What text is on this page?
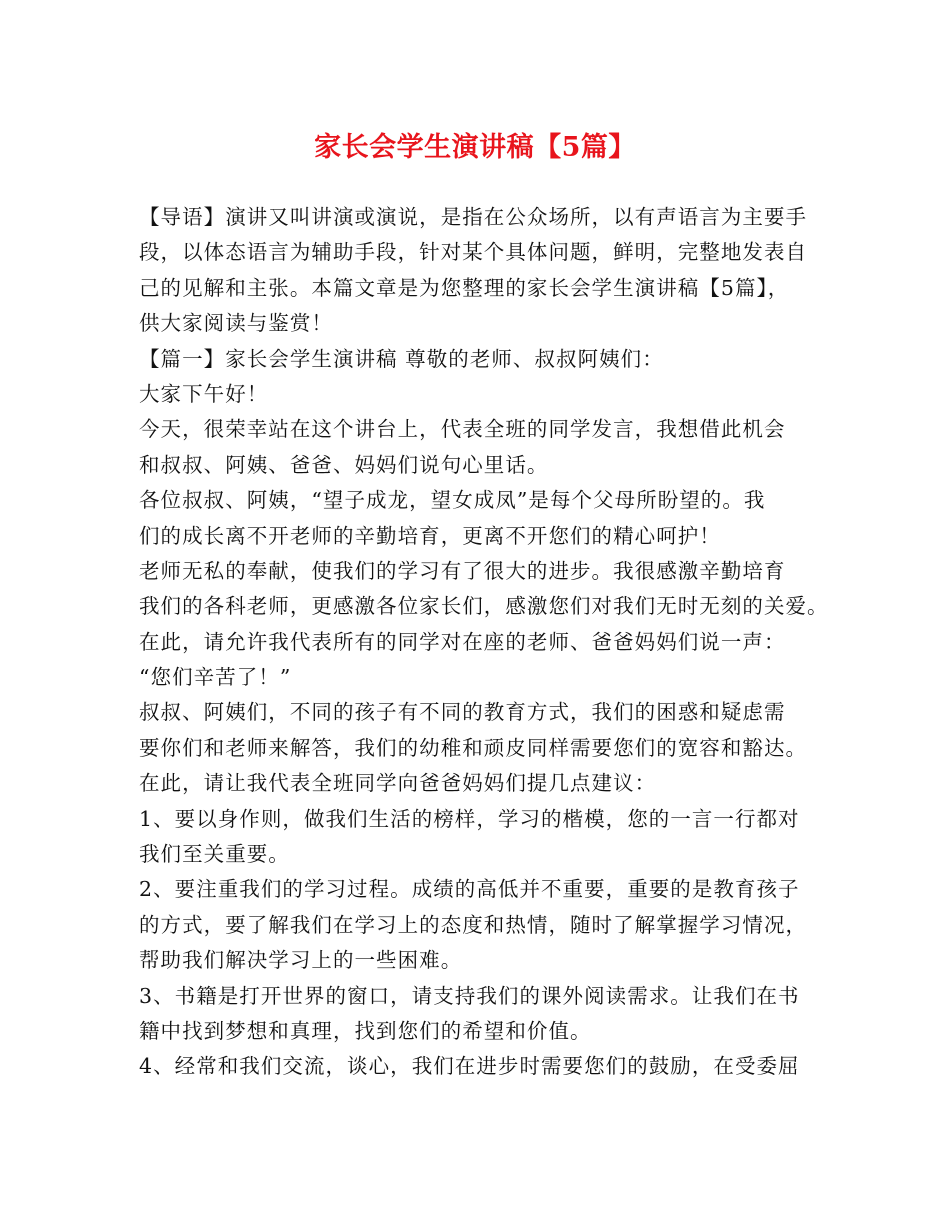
家长会学生演讲稿【5篇】
【导语】演讲又叫讲演或演说，是指在公众场所，以有声语言为主要手
段，以体态语言为辅助手段，针对某个具体问题，鲜明，完整地发表自
己的见解和主张。本篇文章是为您整理的家长会学生演讲稿【5篇】，
供大家阅读与鉴赏！
【篇一】家长会学生演讲稿 尊敬的老师、叔叔阿姨们：
大家下午好！
今天，很荣幸站在这个讲台上，代表全班的同学发言，我想借此机会
和叔叔、阿姨、爸爸、妈妈们说句心里话。
各位叔叔、阿姨，“望子成龙，望女成凤”是每个父母所盼望的。我
们的成长离不开老师的辛勤培育，更离不开您们的精心呵护！
老师无私的奉献，使我们的学习有了很大的进步。我很感激辛勤培育
我们的各科老师，更感激各位家长们，感激您们对我们无时无刻的关爱。
在此，请允许我代表所有的同学对在座的老师、爸爸妈妈们说一声：
“您们辛苦了！”
叔叔、阿姨们，不同的孩子有不同的教育方式，我们的困惑和疑虑需
要你们和老师来解答，我们的幼稚和顽皮同样需要您们的宽容和豁达。
在此，请让我代表全班同学向爸爸妈妈们提几点建议：
1、要以身作则，做我们生活的榜样，学习的楷模，您的一言一行都对
我们至关重要。
2、要注重我们的学习过程。成绩的高低并不重要，重要的是教育孩子
的方式，要了解我们在学习上的态度和热情，随时了解掌握学习情况，
帮助我们解决学习上的一些困难。
3、书籍是打开世界的窗口，请支持我们的课外阅读需求。让我们在书
籍中找到梦想和真理，找到您们的希望和价值。
4、经常和我们交流，谈心，我们在进步时需要您们的鼓励，在受委屈
